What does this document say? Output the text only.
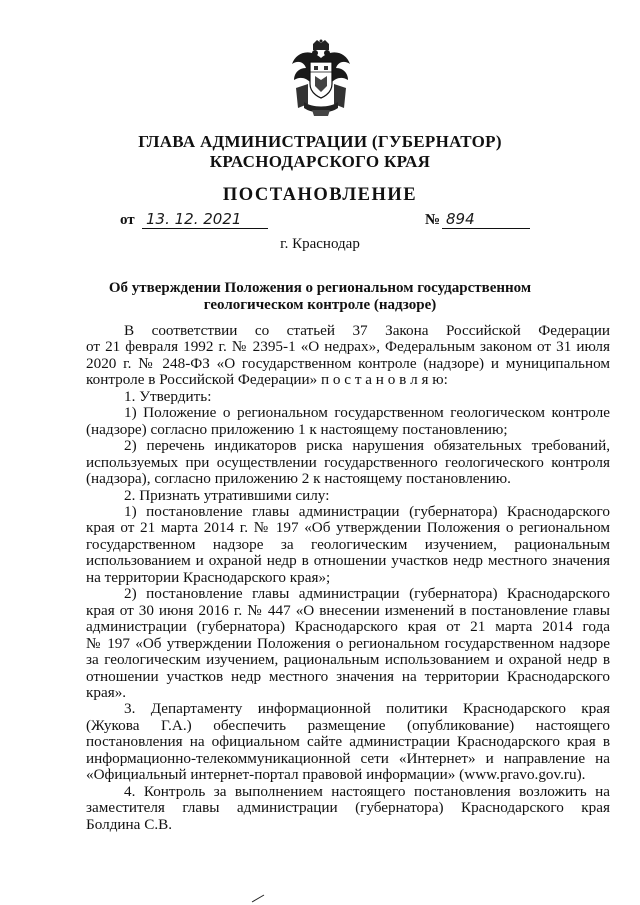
ГЛАВА АДМИНИСТРАЦИИ (ГУБЕРНАТОР)
КРАСНОДАРСКОГО КРАЯ
ПОСТАНОВЛЕНИЕ
от 13. 12. 2021	№ 894
г. Краснодар
Об утверждении Положения о региональном государственном
геологическом контроле (надзоре)
В соответствии со статьей 37 Закона Российской Федерации
от 21 февраля 1992 г. № 2395-1 «О недрах», Федеральным законом от 31 июля
2020 г. № 248-ФЗ «О государственном контроле (надзоре) и муниципальном
контроле в Российской Федерации» п о с т а н о в л я ю:
1. Утвердить:
1) Положение о региональном государственном геологическом контроле
(надзоре) согласно приложению 1 к настоящему постановлению;
2) перечень индикаторов риска нарушения обязательных требований,
используемых при осуществлении государственного геологического контроля
(надзора), согласно приложению 2 к настоящему постановлению.
2. Признать утратившими силу:
1) постановление главы администрации (губернатора) Краснодарского
края от 21 марта 2014 г. № 197 «Об утверждении Положения о региональном
государственном надзоре за геологическим изучением, рациональным
использованием и охраной недр в отношении участков недр местного значения
на территории Краснодарского края»;
2) постановление главы администрации (губернатора) Краснодарского
края от 30 июня 2016 г. № 447 «О внесении изменений в постановление главы
администрации (губернатора) Краснодарского края от 21 марта 2014 года
№ 197 «Об утверждении Положения о региональном государственном надзоре
за геологическим изучением, рациональным использованием и охраной недр в
отношении участков недр местного значения на территории Краснодарского
края».
3. Департаменту информационной политики Краснодарского края
(Жукова Г.А.) обеспечить размещение (опубликование) настоящего
постановления на официальном сайте администрации Краснодарского края в
информационно-телекоммуникационной сети «Интернет» и направление на
«Официальный интернет-портал правовой информации» (www.pravo.gov.ru).
4. Контроль за выполнением настоящего постановления возложить на
заместителя главы администрации (губернатора) Краснодарского края
Болдина С.В.
